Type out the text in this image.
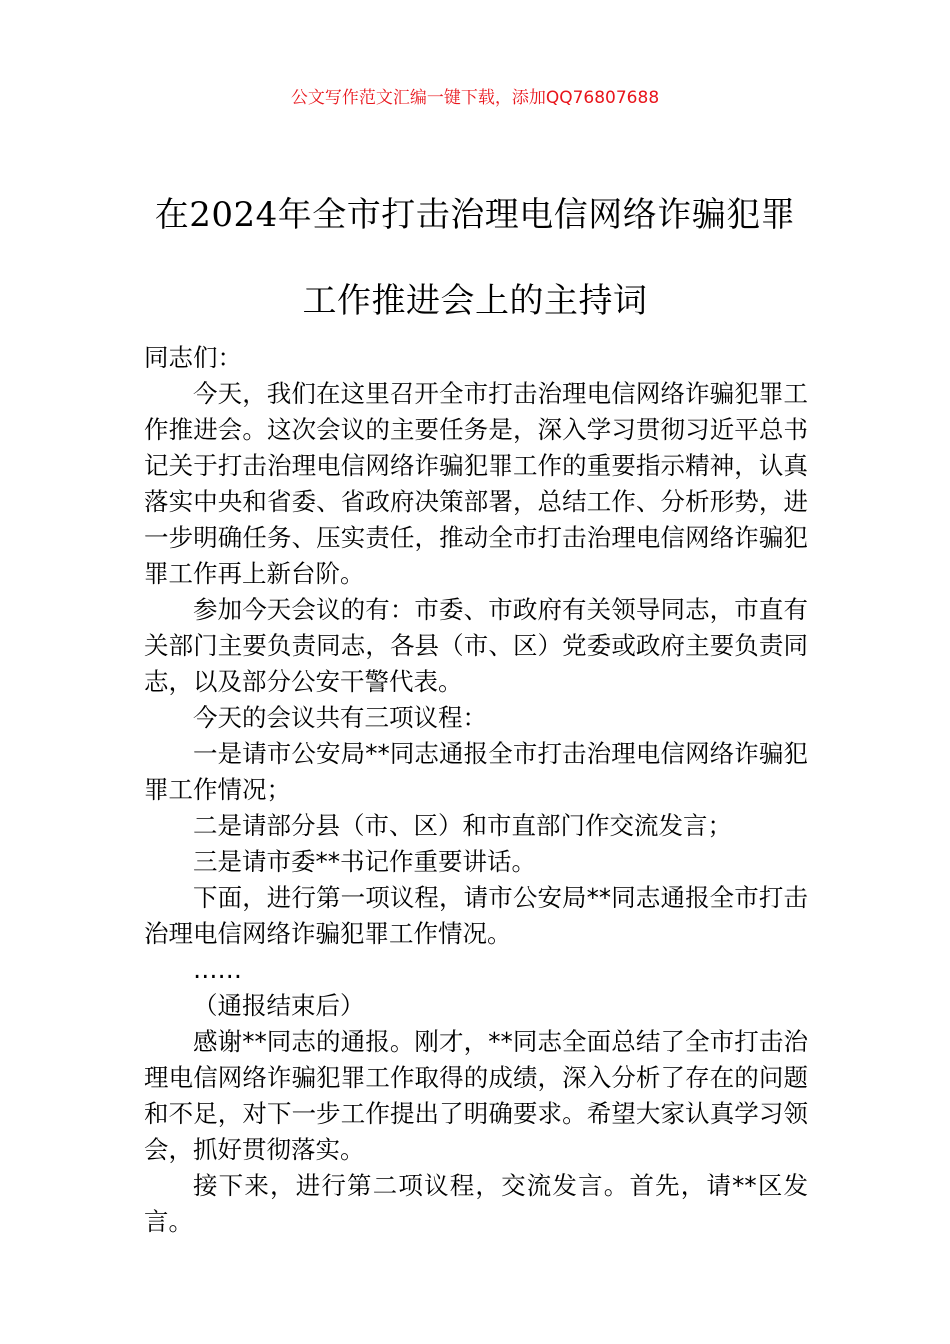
公文写作范文汇编一键下载，添加QQ76807688
在2024年全市打击治理电信网络诈骗犯罪
工作推进会上的主持词

同志们：

今天，我们在这里召开全市打击治理电信网络诈骗犯罪工作推进会。这次会议的主要任务是，深入学习贯彻习近平总书记关于打击治理电信网络诈骗犯罪工作的重要指示精神，认真落实中央和省委、省政府决策部署，总结工作、分析形势，进一步明确任务、压实责任，推动全市打击治理电信网络诈骗犯罪工作再上新台阶。

参加今天会议的有：市委、市政府有关领导同志，市直有关部门主要负责同志，各县（市、区）党委或政府主要负责同志，以及部分公安干警代表。

今天的会议共有三项议程：

一是请市公安局**同志通报全市打击治理电信网络诈骗犯罪工作情况；

二是请部分县（市、区）和市直部门作交流发言；

三是请市委**书记作重要讲话。

下面，进行第一项议程，请市公安局**同志通报全市打击治理电信网络诈骗犯罪工作情况。

……

（通报结束后）

感谢**同志的通报。刚才，**同志全面总结了全市打击治理电信网络诈骗犯罪工作取得的成绩，深入分析了存在的问题和不足，对下一步工作提出了明确要求。希望大家认真学习领会，抓好贯彻落实。

接下来，进行第二项议程，交流发言。首先，请**区发言。
